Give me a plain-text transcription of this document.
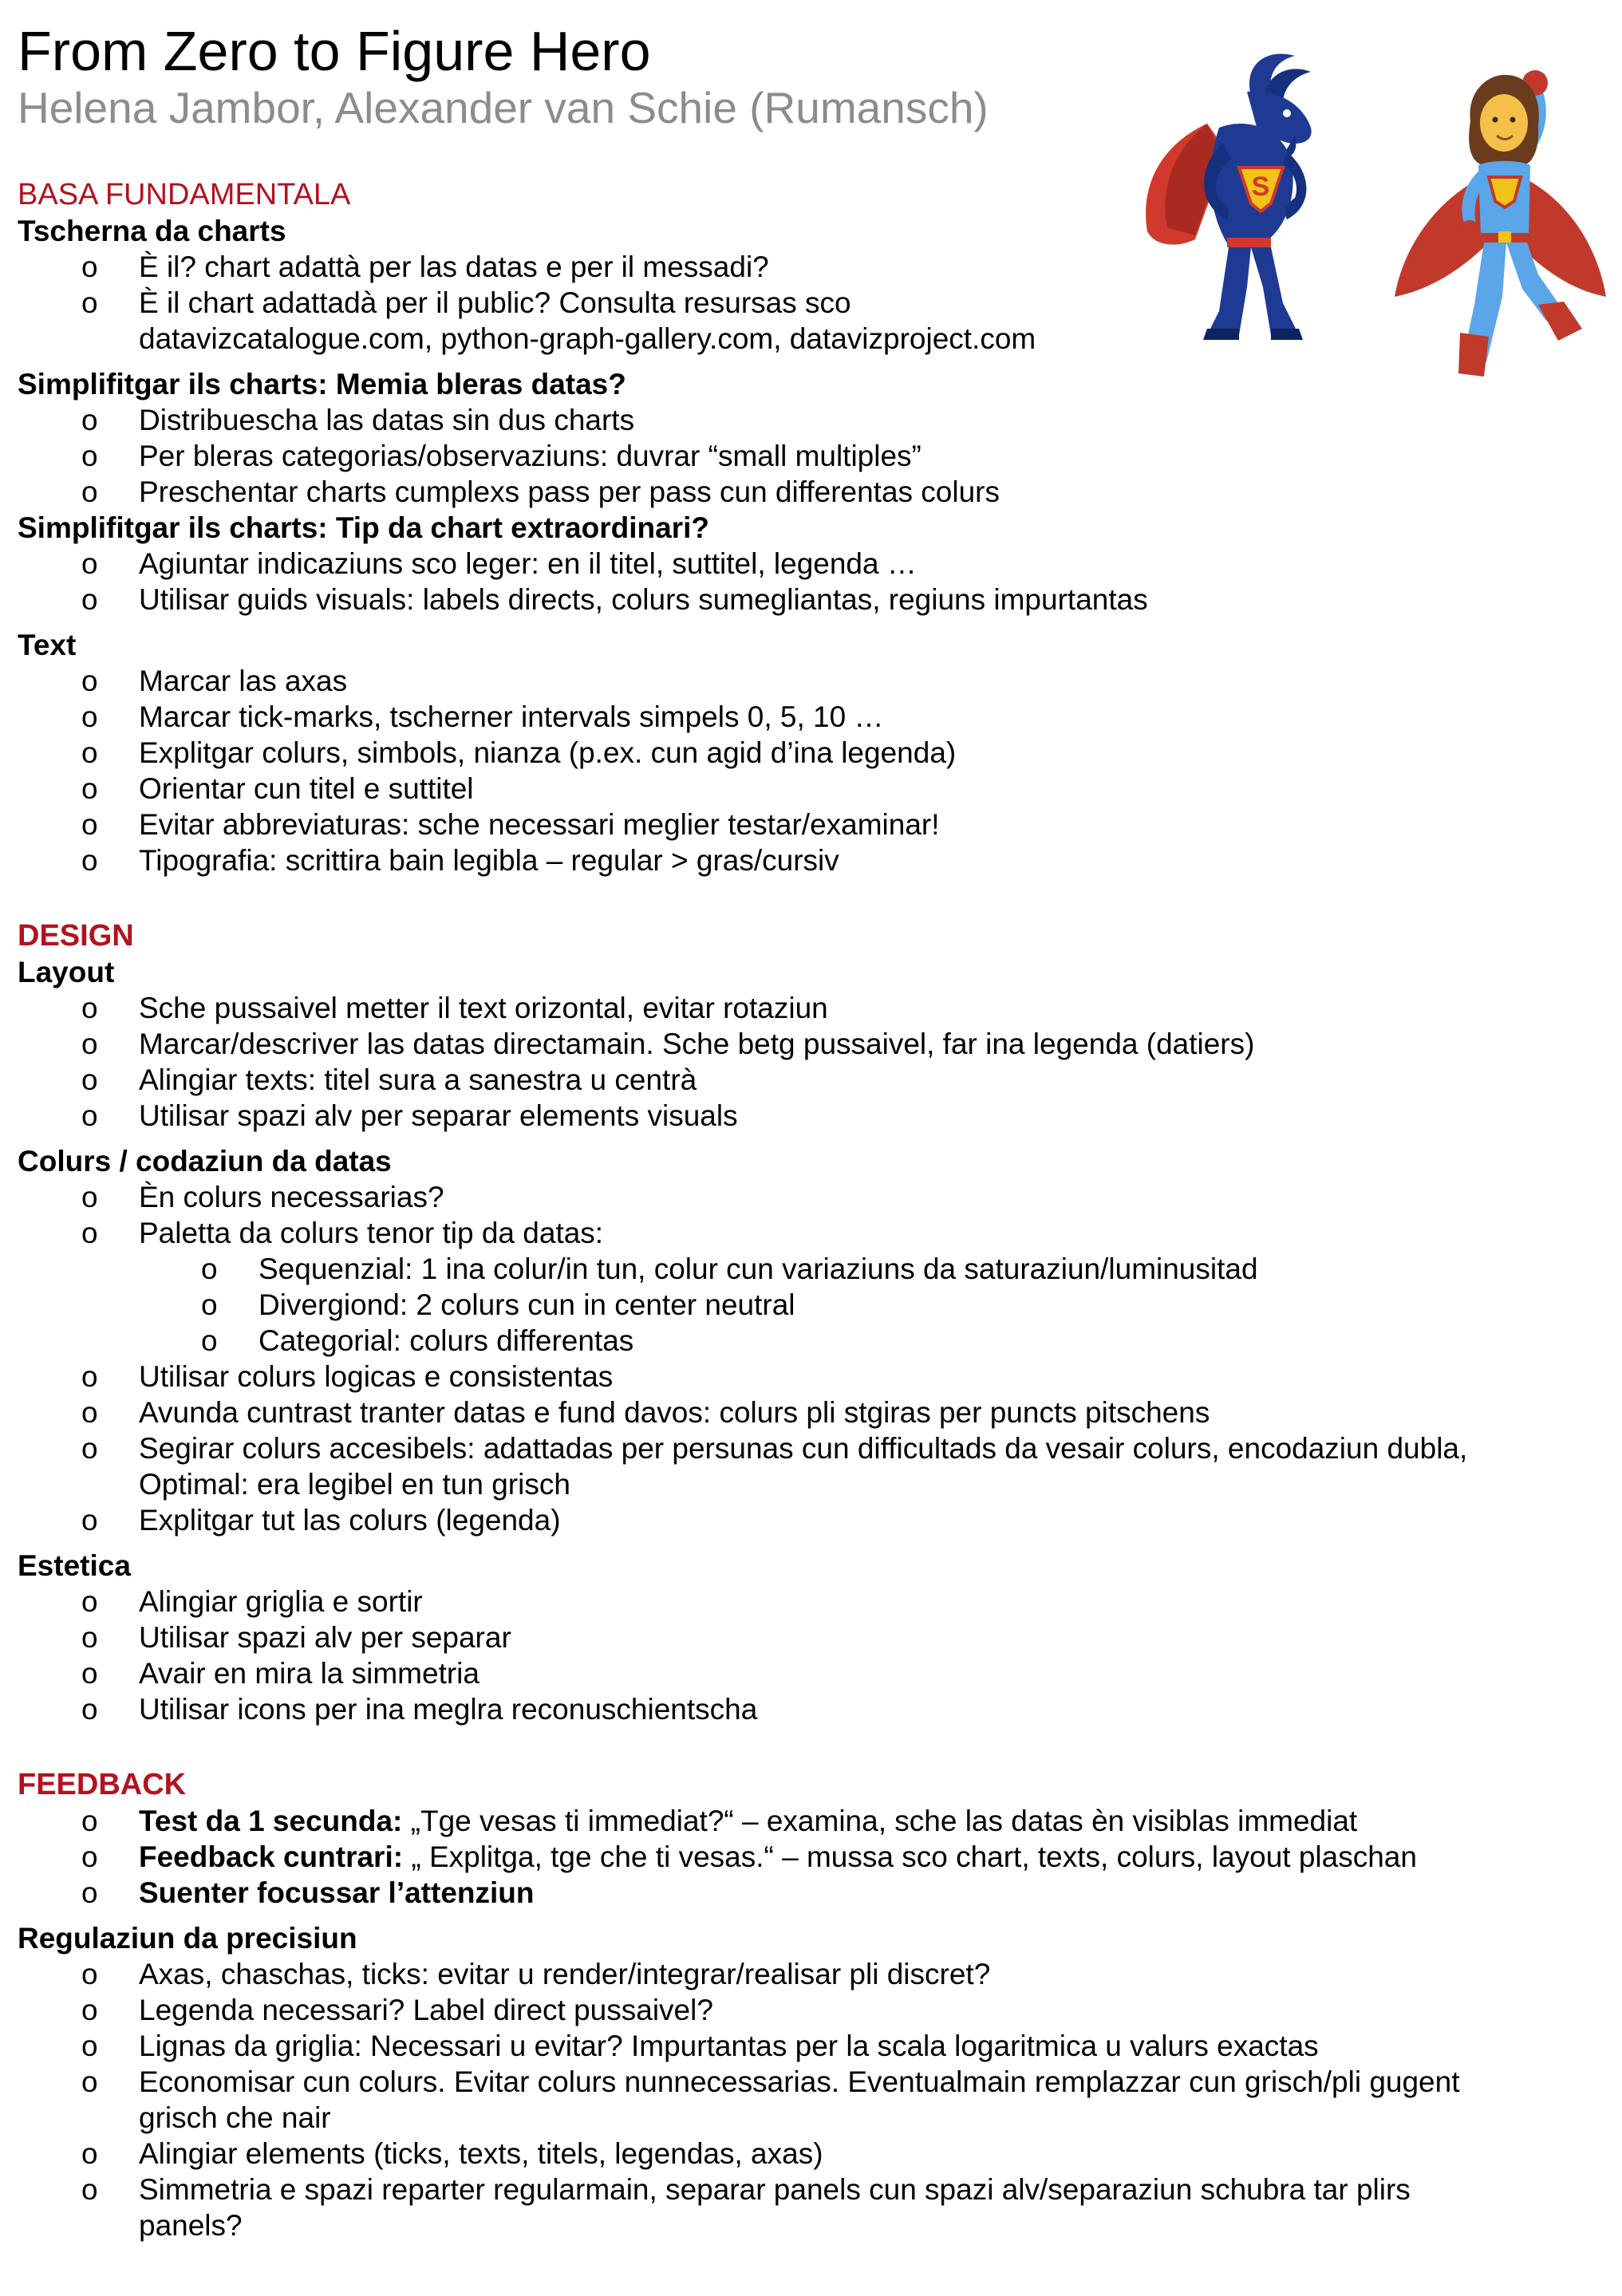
From Zero to Figure Hero
Helena Jambor, Alexander van Schie (Rumansch)
BASA FUNDAMENTALA
Tscherna da charts
o È il? chart adattà per las datas e per il messadi?
o È il chart adattadà per il public? Consulta resursas sco
datavizcatalogue.com, python-graph-gallery.com, datavizproject.com
Simplifitgar ils charts: Memia bleras datas?
o Distribuescha las datas sin dus charts
o Per bleras categorias/observaziuns: duvrar “small multiples”
o Preschentar charts cumplexs pass per pass cun differentas colurs
Simplifitgar ils charts: Tip da chart extraordinari?
o Agiuntar indicaziuns sco leger: en il titel, suttitel, legenda …
o Utilisar guids visuals: labels directs, colurs sumegliantas, regiuns impurtantas
Text
o Marcar las axas
o Marcar tick-marks, tscherner intervals simpels 0, 5, 10 …
o Explitgar colurs, simbols, nianza (p.ex. cun agid d’ina legenda)
o Orientar cun titel e suttitel
o Evitar abbreviaturas: sche necessari meglier testar/examinar!
o Tipografia: scrittira bain legibla – regular > gras/cursiv
DESIGN
Layout
o Sche pussaivel metter il text orizontal, evitar rotaziun
o Marcar/descriver las datas directamain. Sche betg pussaivel, far ina legenda (datiers)
o Alingiar texts: titel sura a sanestra u centrà
o Utilisar spazi alv per separar elements visuals
Colurs / codaziun da datas
o Èn colurs necessarias?
o Paletta da colurs tenor tip da datas:
o Sequenzial: 1 ina colur/in tun, colur cun variaziuns da saturaziun/luminusitad
o Divergiond: 2 colurs cun in center neutral
o Categorial: colurs differentas
o Utilisar colurs logicas e consistentas
o Avunda cuntrast tranter datas e fund davos: colurs pli stgiras per puncts pitschens
o Segirar colurs accesibels: adattadas per persunas cun difficultads da vesair colurs, encodaziun dubla,
Optimal: era legibel en tun grisch
o Explitgar tut las colurs (legenda)
Estetica
o Alingiar griglia e sortir
o Utilisar spazi alv per separar
o Avair en mira la simmetria
o Utilisar icons per ina meglra reconuschientscha
FEEDBACK
o Test da 1 secunda: „Tge vesas ti immediat?“ – examina, sche las datas èn visiblas immediat
o Feedback cuntrari: „ Explitga, tge che ti vesas.“ – mussa sco chart, texts, colurs, layout plaschan
o Suenter focussar l’attenziun
Regulaziun da precisiun
o Axas, chaschas, ticks: evitar u render/integrar/realisar pli discret?
o Legenda necessari? Label direct pussaivel?
o Lignas da griglia: Necessari u evitar? Impurtantas per la scala logaritmica u valurs exactas
o Economisar cun colurs. Evitar colurs nunnecessarias. Eventualmain remplazzar cun grisch/pli gugent
grisch che nair
o Alingiar elements (ticks, texts, titels, legendas, axas)
o Simmetria e spazi reparter regularmain, separar panels cun spazi alv/separaziun schubra tar plirs
panels?
S
